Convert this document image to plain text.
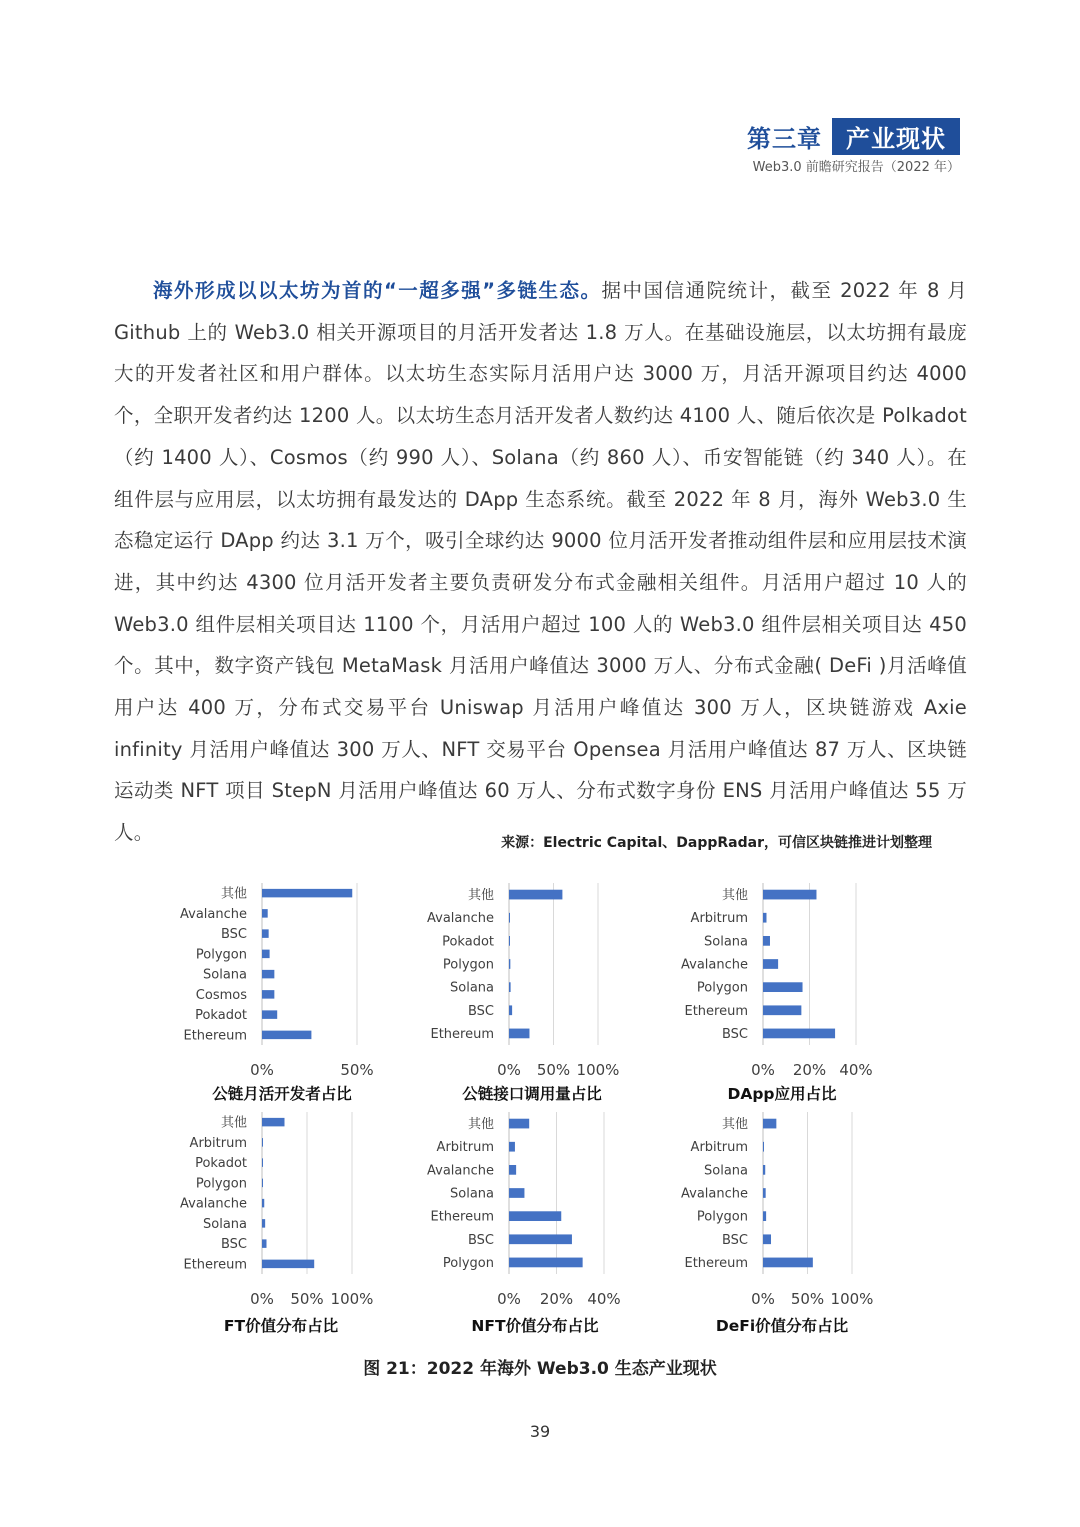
第三章	产业现状
Web3.0 前瞻研究报告（2022 年）

海外形成以以太坊为首的“一超多强”多链生态。据中国信通院统计，截至 2022 年 8 月 Github 上的 Web3.0 相关开源项目的月活开发者达 1.8 万人。在基础设施层，以太坊拥有最庞大的开发者社区和用户群体。以太坊生态实际月活用户达 3000 万，月活开源项目约达 4000 个，全职开发者约达 1200 人。以太坊生态月活开发者人数约达 4100 人、随后依次是 Polkadot（约 1400 人）、Cosmos（约 990 人）、Solana（约 860 人）、币安智能链（约 340 人）。在组件层与应用层，以太坊拥有最发达的 DApp 生态系统。截至 2022 年 8 月，海外 Web3.0 生态稳定运行 DApp 约达 3.1 万个，吸引全球约达 9000 位月活开发者推动组件层和应用层技术演进，其中约达 4300 位月活开发者主要负责研发分布式金融相关组件。月活用户超过 10 人的 Web3.0 组件层相关项目达 1100 个，月活用户超过 100 人的 Web3.0 组件层相关项目达 450 个。其中，数字资产钱包 MetaMask 月活用户峰值达 3000 万人、分布式金融( DeFi )月活峰值用户达 400 万，分布式交易平台 Uniswap 月活用户峰值达 300 万人，区块链游戏 Axie infinity 月活用户峰值达 300 万人、NFT 交易平台 Opensea 月活用户峰值达 87 万人、区块链运动类 NFT 项目 StepN 月活用户峰值达 60 万人、分布式数字身份 ENS 月活用户峰值达 55 万人。	来源：Electric Capital、DappRadar，可信区块链推进计划整理
其他
Avalanche
BSC
Polygon
Solana
Cosmos
Pokadot
Ethereum
0%	50%
公链月活开发者占比
其他
Avalanche
Pokadot
Polygon
Solana
BSC
Ethereum
0% 50% 100%
公链接口调用量占比
其他
Arbitrum
Solana
Avalanche
Polygon
Ethereum
BSC
0% 20% 40%
DApp应用占比
其他
Arbitrum
Pokadot
Polygon
Avalanche
Solana
BSC
Ethereum
0% 50% 100%
FT价值分布占比
其他
Arbitrum
Avalanche
Solana
Ethereum
BSC
Polygon
0% 20% 40%
NFT价值分布占比
其他
Arbitrum
Solana
Avalanche
Polygon
BSC
Ethereum
0% 50% 100%
DeFi价值分布占比
图 21：2022 年海外 Web3.0 生态产业现状
39
